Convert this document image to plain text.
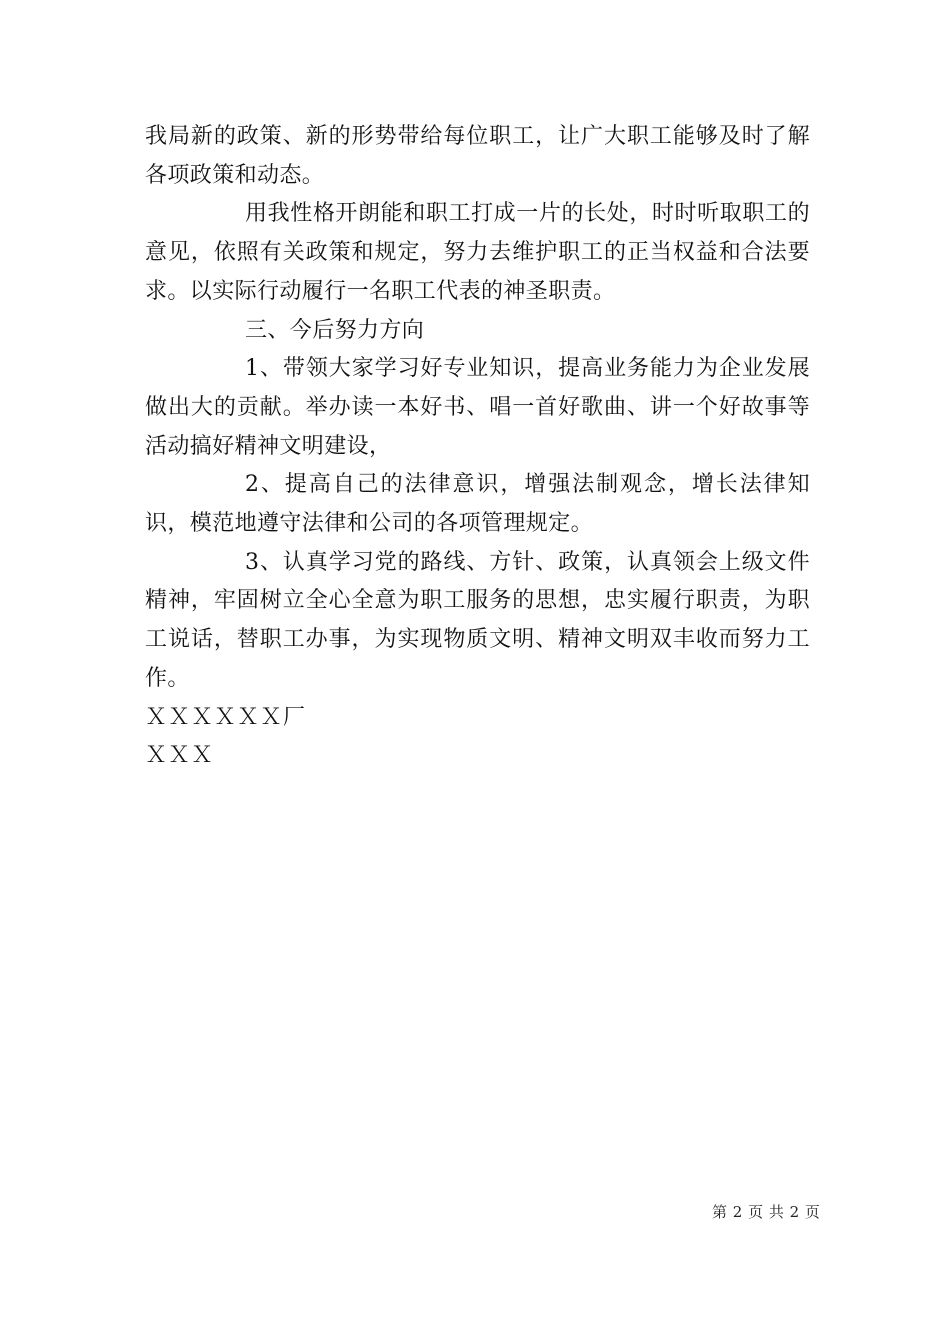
我局新的政策、新的形势带给每位职工，让广大职工能够及时了解各项政策和动态。

用我性格开朗能和职工打成一片的长处，时时听取职工的意见，依照有关政策和规定，努力去维护职工的正当权益和合法要求。以实际行动履行一名职工代表的神圣职责。

三、今后努力方向

1、带领大家学习好专业知识，提高业务能力为企业发展做出大的贡献。举办读一本好书、唱一首好歌曲、讲一个好故事等活动搞好精神文明建设，

2、提高自己的法律意识，增强法制观念，增长法律知识，模范地遵守法律和公司的各项管理规定。

3、认真学习党的路线、方针、政策，认真领会上级文件精神，牢固树立全心全意为职工服务的思想，忠实履行职责，为职工说话，替职工办事，为实现物质文明、精神文明双丰收而努力工作。

ＸＸＸＸＸＸ厂

ＸＸＸ

第 2 页 共 2 页
